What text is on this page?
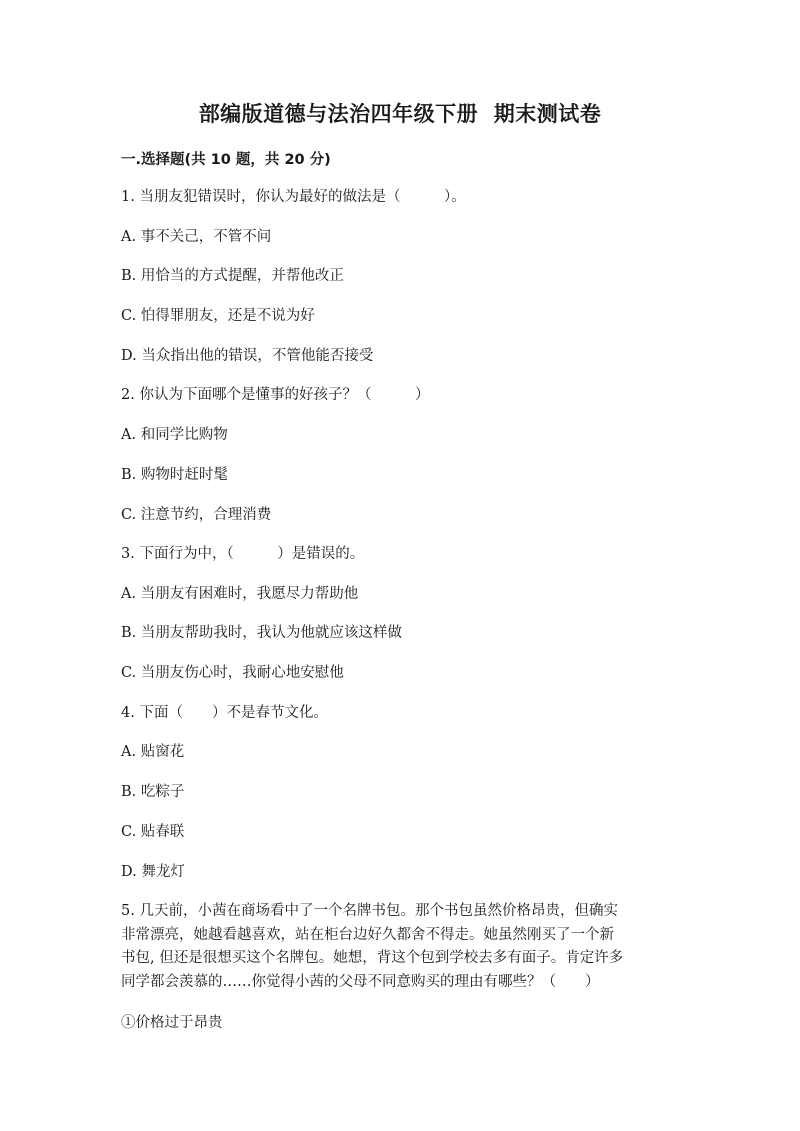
部编版道德与法治四年级下册  期末测试卷
一.选择题(共 10 题，共 20 分)
1. 当朋友犯错误时，你认为最好的做法是（　　　）。
A. 事不关己，不管不问
B. 用恰当的方式提醒，并帮他改正
C. 怕得罪朋友，还是不说为好
D. 当众指出他的错误，不管他能否接受
2. 你认为下面哪个是懂事的好孩子？（　　　）
A. 和同学比购物
B. 购物时赶时髦
C. 注意节约，合理消费
3. 下面行为中，（　　　）是错误的。
A. 当朋友有困难时，我愿尽力帮助他
B. 当朋友帮助我时，我认为他就应该这样做
C. 当朋友伤心时，我耐心地安慰他
4. 下面（　　）不是春节文化。
A. 贴窗花
B. 吃粽子
C. 贴春联
D. 舞龙灯
5. 几天前，小茜在商场看中了一个名牌书包。那个书包虽然价格昂贵，但确实
非常漂亮，她越看越喜欢，站在柜台边好久都舍不得走。她虽然刚买了一个新
书包, 但还是很想买这个名牌包。她想，背这个包到学校去多有面子。肯定许多
同学都会羡慕的……你觉得小茜的父母不同意购买的理由有哪些？（　　）
①价格过于昂贵
